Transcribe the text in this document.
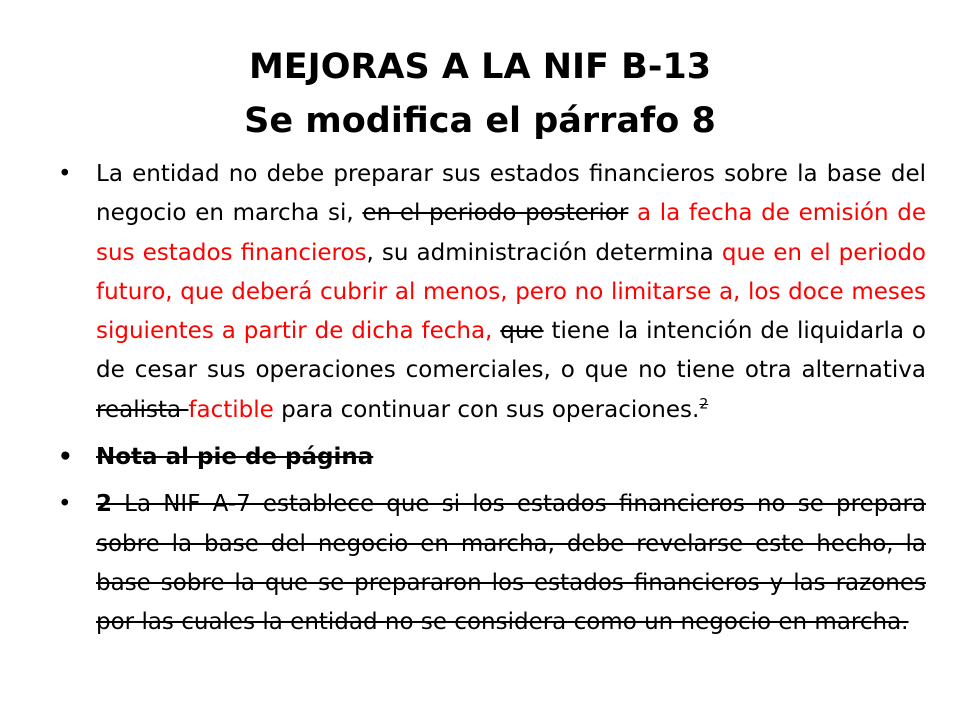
MEJORAS A LA NIF B-13
Se modifica el párrafo 8
• La entidad no debe preparar sus estados financieros sobre la base del negocio en marcha si, en el periodo posterior a la fecha de emisión de sus estados financieros, su administración determina que en el periodo futuro, que deberá cubrir al menos, pero no limitarse a, los doce meses siguientes a partir de dicha fecha, que tiene la intención de liquidarla o de cesar sus operaciones comerciales, o que no tiene otra alternativa realista factible para continuar con sus operaciones.$^2$
• Nota al pie de página
• 2 La NIF A-7 establece que si los estados financieros no se prepara sobre la base del negocio en marcha, debe revelarse este hecho, la base sobre la que se prepararon los estados financieros y las razones por las cuales la entidad no se considera como un negocio en marcha.
